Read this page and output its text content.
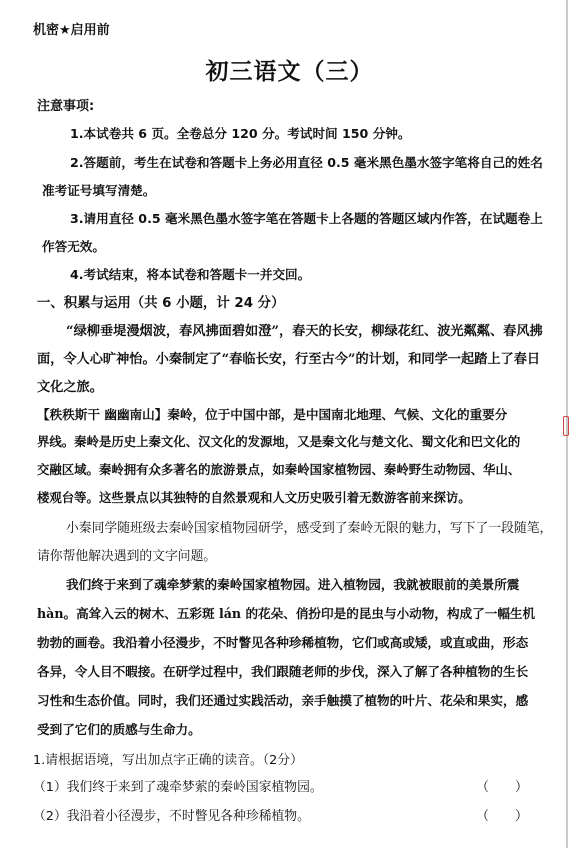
机密★启用前
初三语文（三）
注意事项:
1.本试卷共 6 页。全卷总分 120 分。考试时间 150 分钟。
2.答题前，考生在试卷和答题卡上务必用直径 0.5 毫米黑色墨水签字笔将自己的姓名
准考证号填写清楚。
3.请用直径 0.5 毫米黑色墨水签字笔在答题卡上各题的答题区域内作答，在试题卷上
作答无效。
4.考试结束，将本试卷和答题卡一并交回。
一、积累与运用（共 6 小题，计 24 分）
“绿柳垂堤漫烟波，春风拂面碧如澄”，春天的长安，柳绿花红、波光粼粼、春风拂
面，令人心旷神怡。小秦制定了“春临长安，行至古今”的计划，和同学一起踏上了春日
文化之旅。
【秩秩斯干 幽幽南山】秦岭，位于中国中部，是中国南北地理、气候、文化的重要分
界线。秦岭是历史上秦文化、汉文化的发源地，又是秦文化与楚文化、蜀文化和巴文化的
交融区域。秦岭拥有众多著名的旅游景点，如秦岭国家植物园、秦岭野生动物园、华山、
楼观台等。这些景点以其独特的自然景观和人文历史吸引着无数游客前来探访。
小秦同学随班级去秦岭国家植物园研学，感受到了秦岭无限的魅力，写下了一段随笔，
请你帮他解决遇到的文字问题。
我们终于来到了魂牵梦萦的秦岭国家植物园。进入植物园，我就被眼前的美景所震
hàn。高耸入云的树木、五彩斑 lán 的花朵、俏扮印是的昆虫与小动物，构成了一幅生机
勃勃的画卷。我沿着小径漫步，不时瞥见各种珍稀植物，它们或高或矮，或直或曲，形态
各异，令人目不暇接。在研学过程中，我们跟随老师的步伐，深入了解了各种植物的生长
习性和生态价值。同时，我们还通过实践活动，亲手触摸了植物的叶片、花朵和果实，感
受到了它们的质感与生命力。
1.请根据语境，写出加点字正确的读音。（2分）
（1）我们终于来到了魂牵梦萦的秦岭国家植物园。	（　　）
（2）我沿着小径漫步，不时瞥见各种珍稀植物。	（　　）
